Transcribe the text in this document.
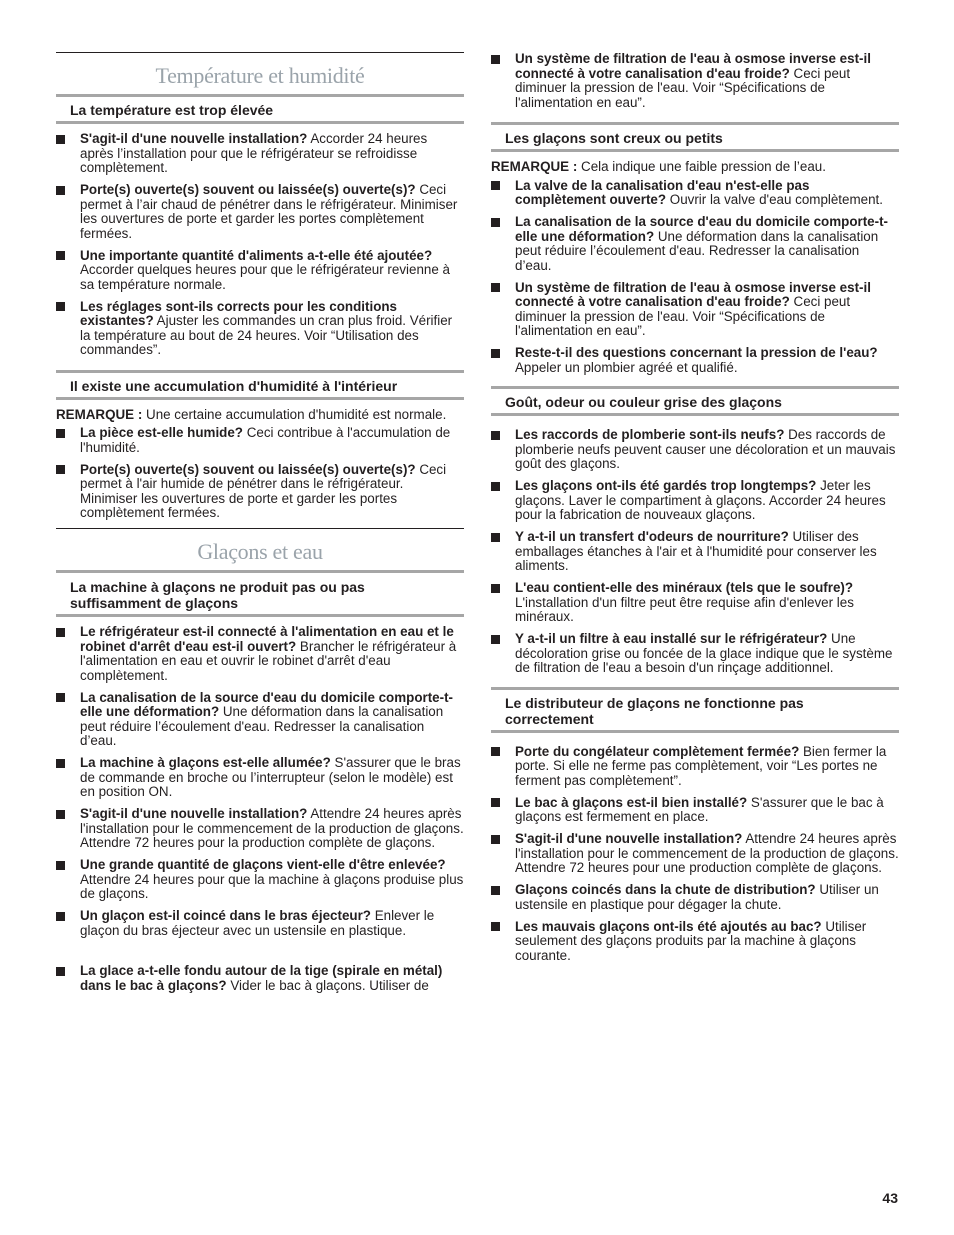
Température et humidité
La température est trop élevée
S'agit-il d'une nouvelle installation? Accorder 24 heures après l’installation pour que le réfrigérateur se refroidisse complètement.
Porte(s) ouverte(s) souvent ou laissée(s) ouverte(s)? Ceci permet à l’air chaud de pénétrer dans le réfrigérateur. Minimiser les ouvertures de porte et garder les portes complètement fermées.
Une importante quantité d'aliments a-t-elle été ajoutée? Accorder quelques heures pour que le réfrigérateur revienne à sa température normale.
Les réglages sont-ils corrects pour les conditions existantes? Ajuster les commandes un cran plus froid. Vérifier la température au bout de 24 heures. Voir “Utilisation des commandes”.
Il existe une accumulation d'humidité à l'intérieur
REMARQUE : Une certaine accumulation d'humidité est normale.
La pièce est-elle humide? Ceci contribue à l'accumulation de l'humidité.
Porte(s) ouverte(s) souvent ou laissée(s) ouverte(s)? Ceci permet à l'air humide de pénétrer dans le réfrigérateur. Minimiser les ouvertures de porte et garder les portes complètement fermées.
Glaçons et eau
La machine à glaçons ne produit pas ou pas suffisamment de glaçons
Le réfrigérateur est-il connecté à l'alimentation en eau et le robinet d'arrêt d'eau est-il ouvert? Brancher le réfrigérateur à l'alimentation en eau et ouvrir le robinet d'arrêt d'eau complètement.
La canalisation de la source d'eau du domicile comporte-t-elle une déformation? Une déformation dans la canalisation peut réduire l’écoulement d'eau. Redresser la canalisation d’eau.
La machine à glaçons est-elle allumée? S'assurer que le bras de commande en broche ou l’interrupteur (selon le modèle) est en position ON.
S'agit-il d'une nouvelle installation? Attendre 24 heures après l'installation pour le commencement de la production de glaçons. Attendre 72 heures pour la production complète de glaçons.
Une grande quantité de glaçons vient-elle d'être enlevée? Attendre 24 heures pour que la machine à glaçons produise plus de glaçons.
Un glaçon est-il coincé dans le bras éjecteur? Enlever le glaçon du bras éjecteur avec un ustensile en plastique.
La glace a-t-elle fondu autour de la tige (spirale en métal) dans le bac à glaçons? Vider le bac à glaçons. Utiliser de
Un système de filtration de l'eau à osmose inverse est-il connecté à votre canalisation d'eau froide? Ceci peut diminuer la pression de l'eau. Voir “Spécifications de l'alimentation en eau”.
Les glaçons sont creux ou petits
REMARQUE : Cela indique une faible pression de l’eau.
La valve de la canalisation d'eau n'est-elle pas complètement ouverte? Ouvrir la valve d'eau complètement.
La canalisation de la source d'eau du domicile comporte-t-elle une déformation? Une déformation dans la canalisation peut réduire l’écoulement d'eau. Redresser la canalisation d’eau.
Un système de filtration de l'eau à osmose inverse est-il connecté à votre canalisation d'eau froide? Ceci peut diminuer la pression de l'eau. Voir “Spécifications de l'alimentation en eau”.
Reste-t-il des questions concernant la pression de l'eau? Appeler un plombier agréé et qualifié.
Goût, odeur ou couleur grise des glaçons
Les raccords de plomberie sont-ils neufs? Des raccords de plomberie neufs peuvent causer une décoloration et un mauvais goût des glaçons.
Les glaçons ont-ils été gardés trop longtemps? Jeter les glaçons. Laver le compartiment à glaçons. Accorder 24 heures pour la fabrication de nouveaux glaçons.
Y a-t-il un transfert d'odeurs de nourriture? Utiliser des emballages étanches à l'air et à l'humidité pour conserver les aliments.
L'eau contient-elle des minéraux (tels que le soufre)? L'installation d'un filtre peut être requise afin d'enlever les minéraux.
Y a-t-il un filtre à eau installé sur le réfrigérateur? Une décoloration grise ou foncée de la glace indique que le système de filtration de l'eau a besoin d'un rinçage additionnel.
Le distributeur de glaçons ne fonctionne pas correctement
Porte du congélateur complètement fermée? Bien fermer la porte. Si elle ne ferme pas complètement, voir “Les portes ne ferment pas complètement”.
Le bac à glaçons est-il bien installé? S'assurer que le bac à glaçons est fermement en place.
S'agit-il d'une nouvelle installation? Attendre 24 heures après l'installation pour le commencement de la production de glaçons. Attendre 72 heures pour une production complète de glaçons.
Glaçons coincés dans la chute de distribution? Utiliser un ustensile en plastique pour dégager la chute.
Les mauvais glaçons ont-ils été ajoutés au bac? Utiliser seulement des glaçons produits par la machine à glaçons courante.
43
